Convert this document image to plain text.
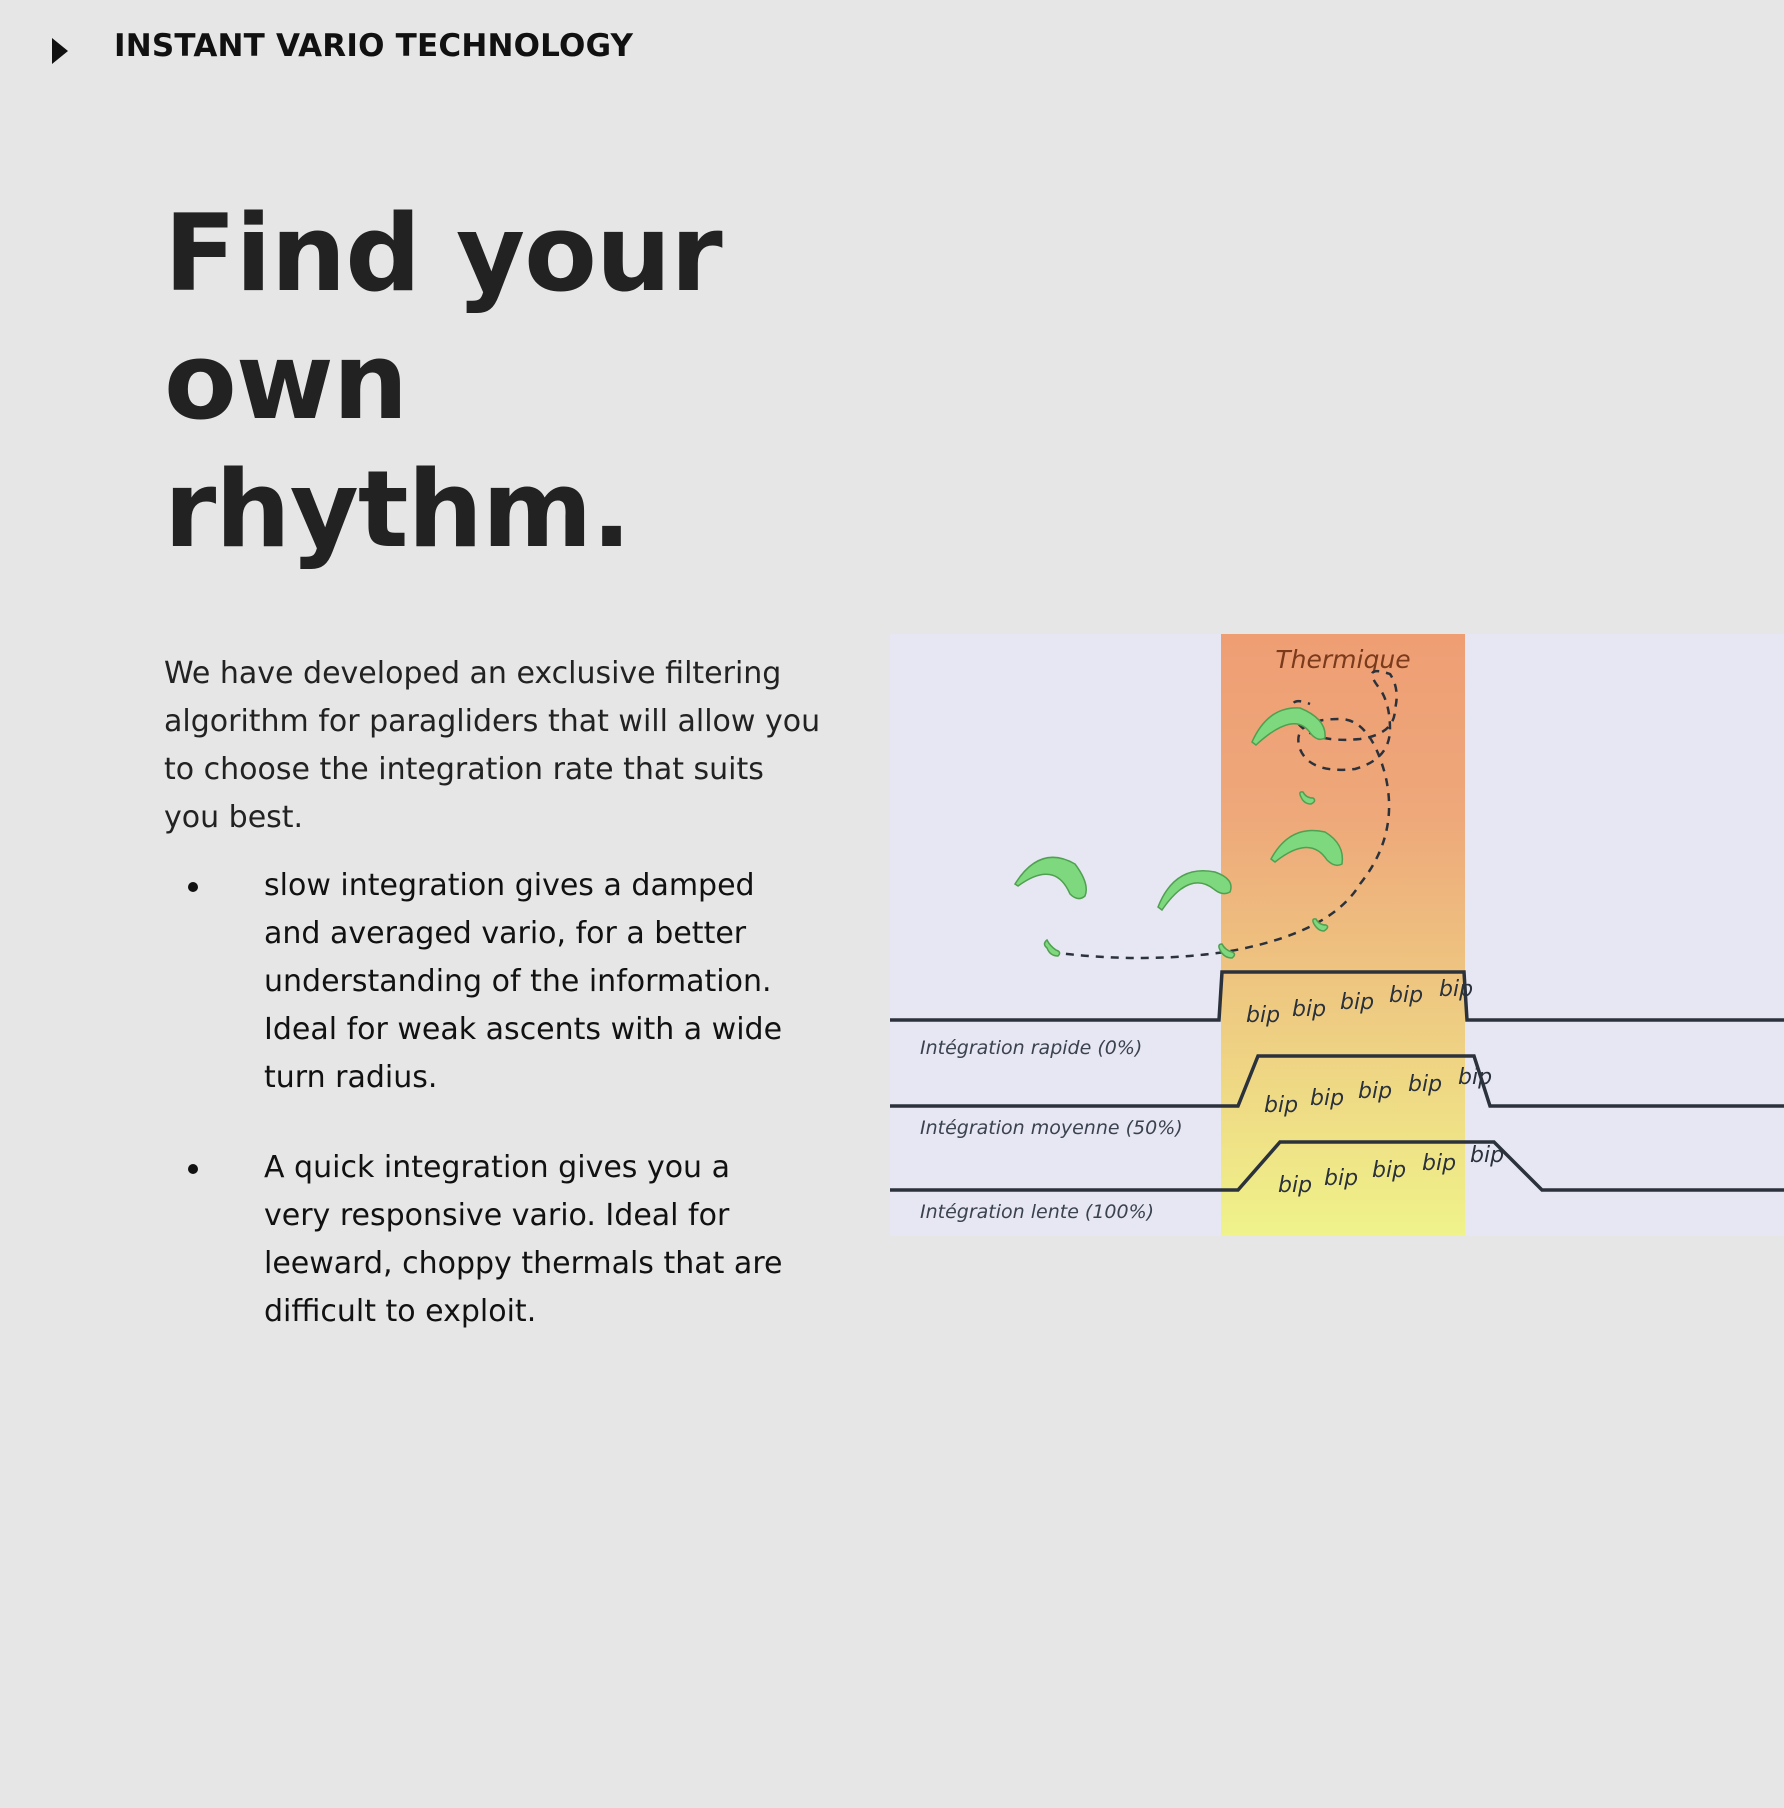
INSTANT VARIO TECHNOLOGY
Find your
own
rhythm.

We have developed an exclusive filtering algorithm for paragliders that will allow you to choose the integration rate that suits you best.

slow integration gives a damped and averaged vario, for a better understanding of the information. Ideal for weak ascents with a wide turn radius.
A quick integration gives you a very responsive vario. Ideal for leeward, choppy thermals that are difficult to exploit.
Thermique
bip bip bip bip bip
Intégration rapide (0%)
bip bip bip bip bip
Intégration moyenne (50%)
bip bip bip bip bip
Intégration lente (100%)
